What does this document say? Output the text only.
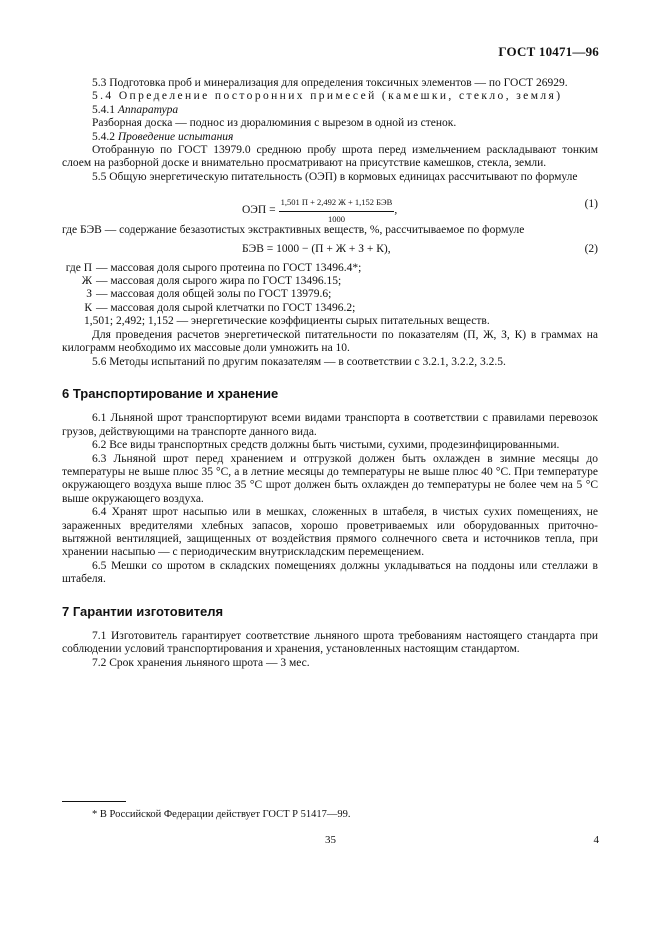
ГОСТ 10471—96

5.3 Подготовка проб и минерализация для определения токсичных элементов — по ГОСТ 26929.

5.4 Определение посторонних примесей (камешки, стекло, земля)

5.4.1 Аппаратура

Разборная доска — поднос из дюралюминия с вырезом в одной из стенок.

5.4.2 Проведение испытания

Отобранную по ГОСТ 13979.0 среднюю пробу шрота перед измельчением раскладывают тонким слоем на разборной доске и внимательно просматривают на присутствие камешков, стекла, земли.

5.5 Общую энергетическую питательность (ОЭП) в кормовых единицах рассчитывают по формуле

ОЭП = $\frac{\text{1,501 П + 2,492 Ж + 1,152 БЭВ}}{1000}$ ,
(1)

где БЭВ — содержание безазотистых экстрактивных веществ, %, рассчитываемое по формуле

БЭВ = 1000 − (П + Ж + З + К),	(2)
где П — массовая доля сырого протеина по ГОСТ 13496.4*;
Ж — массовая доля сырого жира по ГОСТ 13496.15;
З — массовая доля общей золы по ГОСТ 13979.6;
К — массовая доля сырой клетчатки по ГОСТ 13496.2;

1,501; 2,492; 1,152 — энергетические коэффициенты сырых питательных веществ.

Для проведения расчетов энергетической питательности по показателям (П, Ж, З, К) в граммах на килограмм необходимо их массовые доли умножить на 10.

5.6 Методы испытаний по другим показателям — в соответствии с 3.2.1, 3.2.2, 3.2.5.

6 Транспортирование и хранение

6.1 Льняной шрот транспортируют всеми видами транспорта в соответствии с правилами перевозок грузов, действующими на транспорте данного вида.

6.2 Все виды транспортных средств должны быть чистыми, сухими, продезинфицированными.

6.3 Льняной шрот перед хранением и отгрузкой должен быть охлажден в зимние месяцы до температуры не выше плюс 35 °С, а в летние месяцы до температуры не выше плюс 40 °С. При температуре окружающего воздуха выше плюс 35 °С шрот должен быть охлажден до температуры не более чем на 5 °С выше окружающего воздуха.

6.4 Хранят шрот насыпью или в мешках, сложенных в штабеля, в чистых сухих помещениях, не зараженных вредителями хлебных запасов, хорошо проветриваемых или оборудованных приточно-вытяжной вентиляцией, защищенных от воздействия прямого солнечного света и источников тепла, при хранении насыпью — с периодическим внутрискладским перемещением.

6.5 Мешки со шротом в складских помещениях должны укладываться на поддоны или стеллажи в штабеля.

7 Гарантии изготовителя

7.1 Изготовитель гарантирует соответствие льняного шрота требованиям настоящего стандарта при соблюдении условий транспортирования и хранения, установленных настоящим стандартом.

7.2 Срок хранения льняного шрота — 3 мес.

* В Российской Федерации действует ГОСТ Р 51417—99.
35	4
